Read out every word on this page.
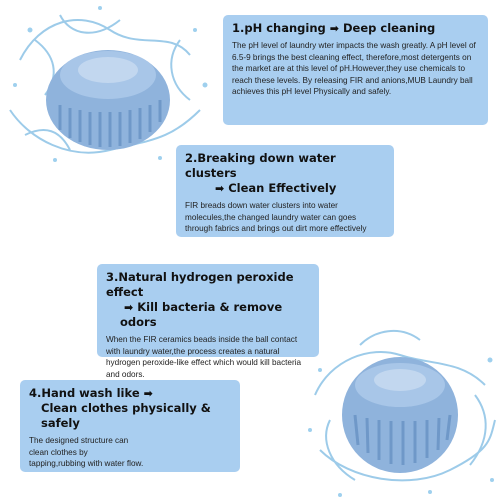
1.pH changing ➡ Deep cleaning
The pH level of laundry wter impacts the wash greatly. A pH level of 6.5-9 brings the best cleaning effect, therefore,most detergents on the market are at this level of pH.However,they use chemicals to reach these levels. By releasing FIR and anions,MUB Laundry ball achieves this pH level Physically and safely.
2.Breaking down water clusters
➡ Clean Effectively
FIR breads down water clusters into water molecules,the changed laundry water can goes through fabrics and brings out dirt more effectively
3.Natural hydrogen peroxide effect
➡ Kill bacteria & remove odors
When the FIR ceramics beads inside the ball contact with laundry water,the process creates a natural hydrogen peroxide-like effect which would kill bacteria and odors.
4.Hand wash like ➡
Clean clothes physically & safely
The designed structure can clean clothes by tapping,rubbing with water flow.
